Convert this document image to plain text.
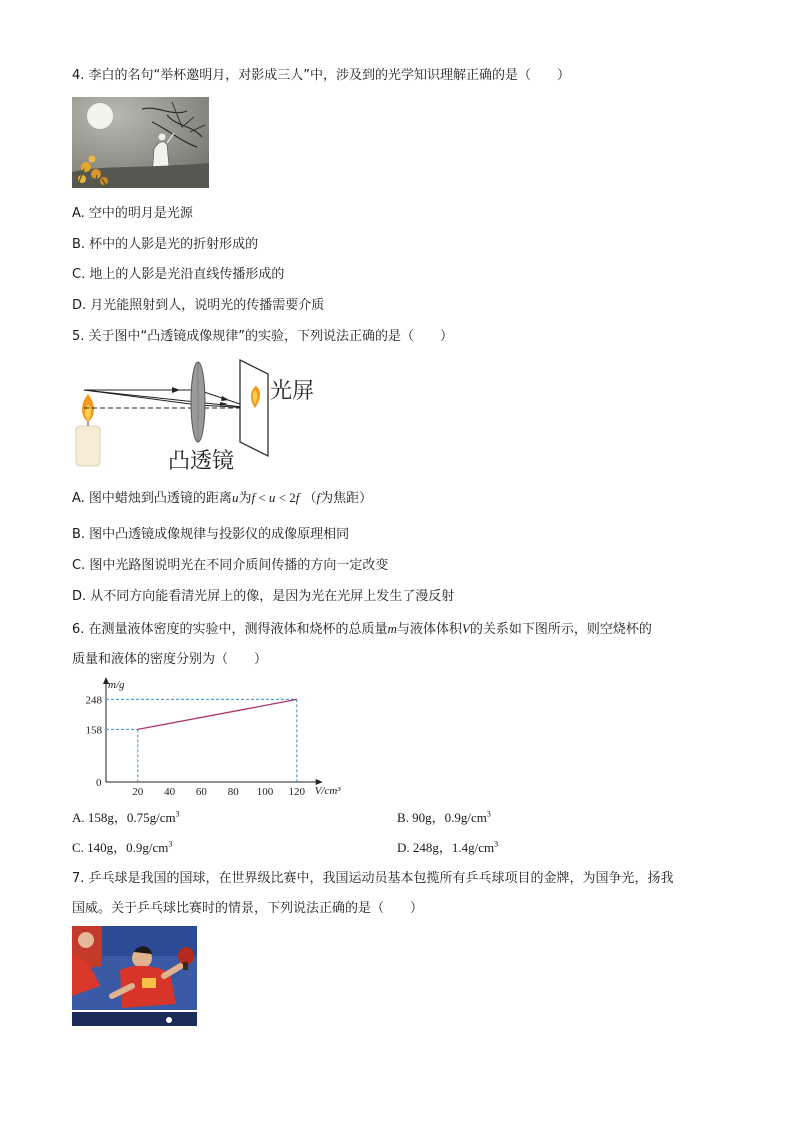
4. 李白的名句“举杯邀明月，对影成三人”中，涉及到的光学知识理解正确的是（　　）
A. 空中的明月是光源
B. 杯中的人影是光的折射形成的
C. 地上的人影是光沿直线传播形成的
D. 月光能照射到人，说明光的传播需要介质
5. 关于图中“凸透镜成像规律”的实验，下列说法正确的是（　　）
光屏
凸透镜
A. 图中蜡烛到凸透镜的距离u为f < u < 2f （f为焦距）
B. 图中凸透镜成像规律与投影仪的成像原理相同
C. 图中光路图说明光在不同介质间传播的方向一定改变
D. 从不同方向能看清光屏上的像，是因为光在光屏上发生了漫反射
6. 在测量液体密度的实验中，测得液体和烧杯的总质量m与液体体积V的关系如下图所示，则空烧杯的
质量和液体的密度分别为（　　）
m/g
V/cm³
0
20 40 60 80 100 120
158
248
A. 158g，$0.75g/cm^3$	B. 90g，$0.9g/cm^3$
C. 140g，$0.9g/cm^3$	D. 248g，$1.4g/cm^3$
7. 乒乓球是我国的国球，在世界级比赛中，我国运动员基本包揽所有乒乓球项目的金牌，为国争光，扬我
国威。关于乒乓球比赛时的情景，下列说法正确的是（　　）
